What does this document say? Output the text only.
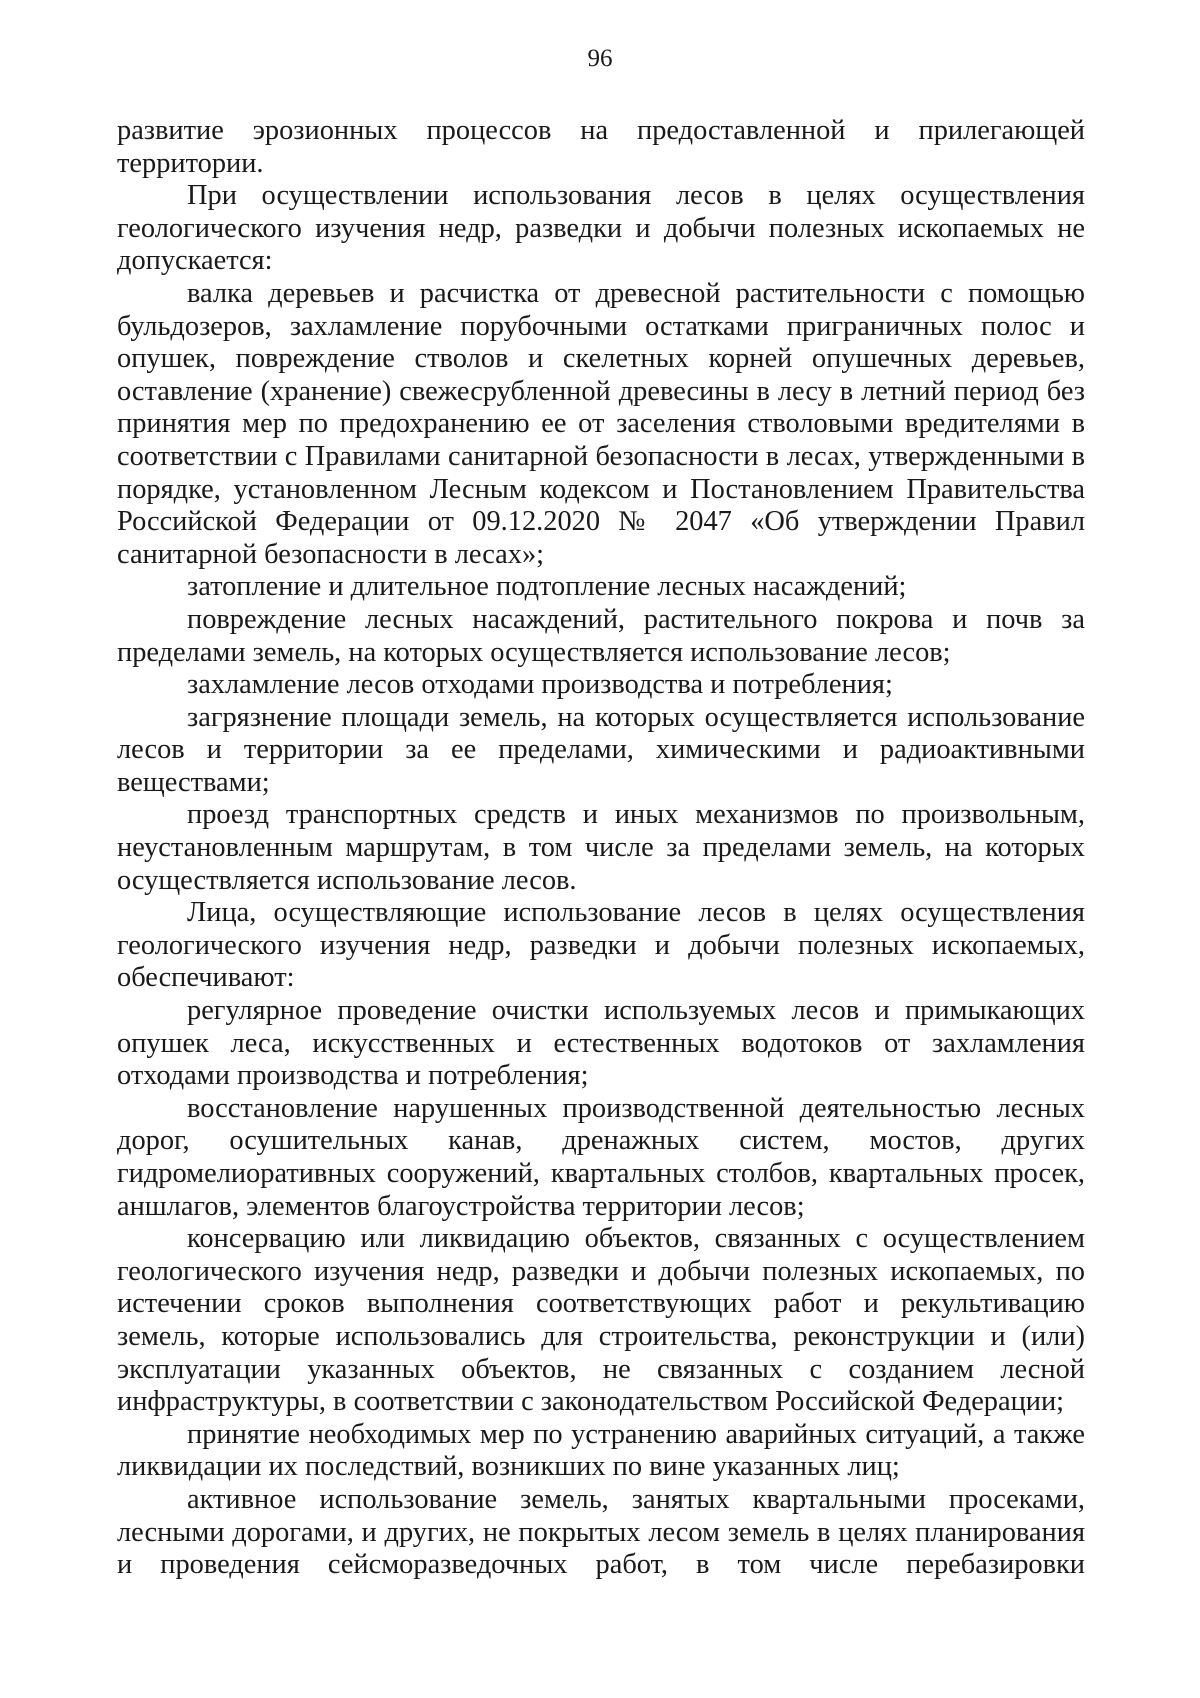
96

развитие эрозионных процессов на предоставленной и прилегающей территории.

При осуществлении использования лесов в целях осуществления геологического изучения недр, разведки и добычи полезных ископаемых не допускается:

валка деревьев и расчистка от древесной растительности с помощью бульдозеров, захламление порубочными остатками приграничных полос и опушек, повреждение стволов и скелетных корней опушечных деревьев, оставление (хранение) свежесрубленной древесины в лесу в летний период без принятия мер по предохранению ее от заселения стволовыми вредителями в соответствии с Правилами санитарной безопасности в лесах, утвержденными в порядке, установленном Лесным кодексом и Постановлением Правительства Российской Федерации от 09.12.2020 № 2047 «Об утверждении Правил санитарной безопасности в лесах»;

затопление и длительное подтопление лесных насаждений;

повреждение лесных насаждений, растительного покрова и почв за пределами земель, на которых осуществляется использование лесов;

захламление лесов отходами производства и потребления;

загрязнение площади земель, на которых осуществляется использование лесов и территории за ее пределами, химическими и радиоактивными веществами;

проезд транспортных средств и иных механизмов по произвольным, неустановленным маршрутам, в том числе за пределами земель, на которых осуществляется использование лесов.

Лица, осуществляющие использование лесов в целях осуществления геологического изучения недр, разведки и добычи полезных ископаемых, обеспечивают:

регулярное проведение очистки используемых лесов и примыкающих опушек леса, искусственных и естественных водотоков от захламления отходами производства и потребления;

восстановление нарушенных производственной деятельностью лесных дорог, осушительных канав, дренажных систем, мостов, других гидромелиоративных сооружений, квартальных столбов, квартальных просек, аншлагов, элементов благоустройства территории лесов;

консервацию или ликвидацию объектов, связанных с осуществлением геологического изучения недр, разведки и добычи полезных ископаемых, по истечении сроков выполнения соответствующих работ и рекультивацию земель, которые использовались для строительства, реконструкции и (или) эксплуатации указанных объектов, не связанных с созданием лесной инфраструктуры, в соответствии с законодательством Российской Федерации;

принятие необходимых мер по устранению аварийных ситуаций, а также ликвидации их последствий, возникших по вине указанных лиц;

активное использование земель, занятых квартальными просеками, лесными дорогами, и других, не покрытых лесом земель в целях планирования и проведения сейсморазведочных работ, в том числе перебазировки
